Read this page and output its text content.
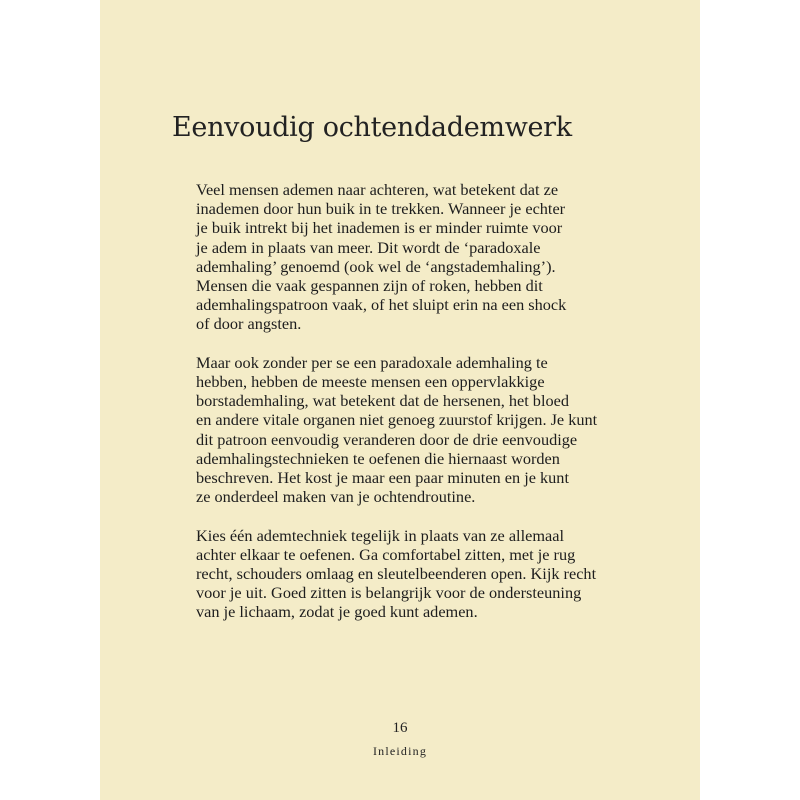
Eenvoudig ochtendademwerk

Veel mensen ademen naar achteren, wat betekent dat ze
inademen door hun buik in te trekken. Wanneer je echter
je buik intrekt bij het inademen is er minder ruimte voor
je adem in plaats van meer. Dit wordt de ‘paradoxale
ademhaling’ genoemd (ook wel de ‘angstademhaling’).
Mensen die vaak gespannen zijn of roken, hebben dit
ademhalingspatroon vaak, of het sluipt erin na een shock
of door angsten.

Maar ook zonder per se een paradoxale ademhaling te
hebben, hebben de meeste mensen een oppervlakkige
borstademhaling, wat betekent dat de hersenen, het bloed
en andere vitale organen niet genoeg zuurstof krijgen. Je kunt
dit patroon eenvoudig veranderen door de drie eenvoudige
ademhalingstechnieken te oefenen die hiernaast worden
beschreven. Het kost je maar een paar minuten en je kunt
ze onderdeel maken van je ochtendroutine.

Kies één ademtechniek tegelijk in plaats van ze allemaal
achter elkaar te oefenen. Ga comfortabel zitten, met je rug
recht, schouders omlaag en sleutelbeenderen open. Kijk recht
voor je uit. Goed zitten is belangrijk voor de ondersteuning
van je lichaam, zodat je goed kunt ademen.

16
Inleiding
